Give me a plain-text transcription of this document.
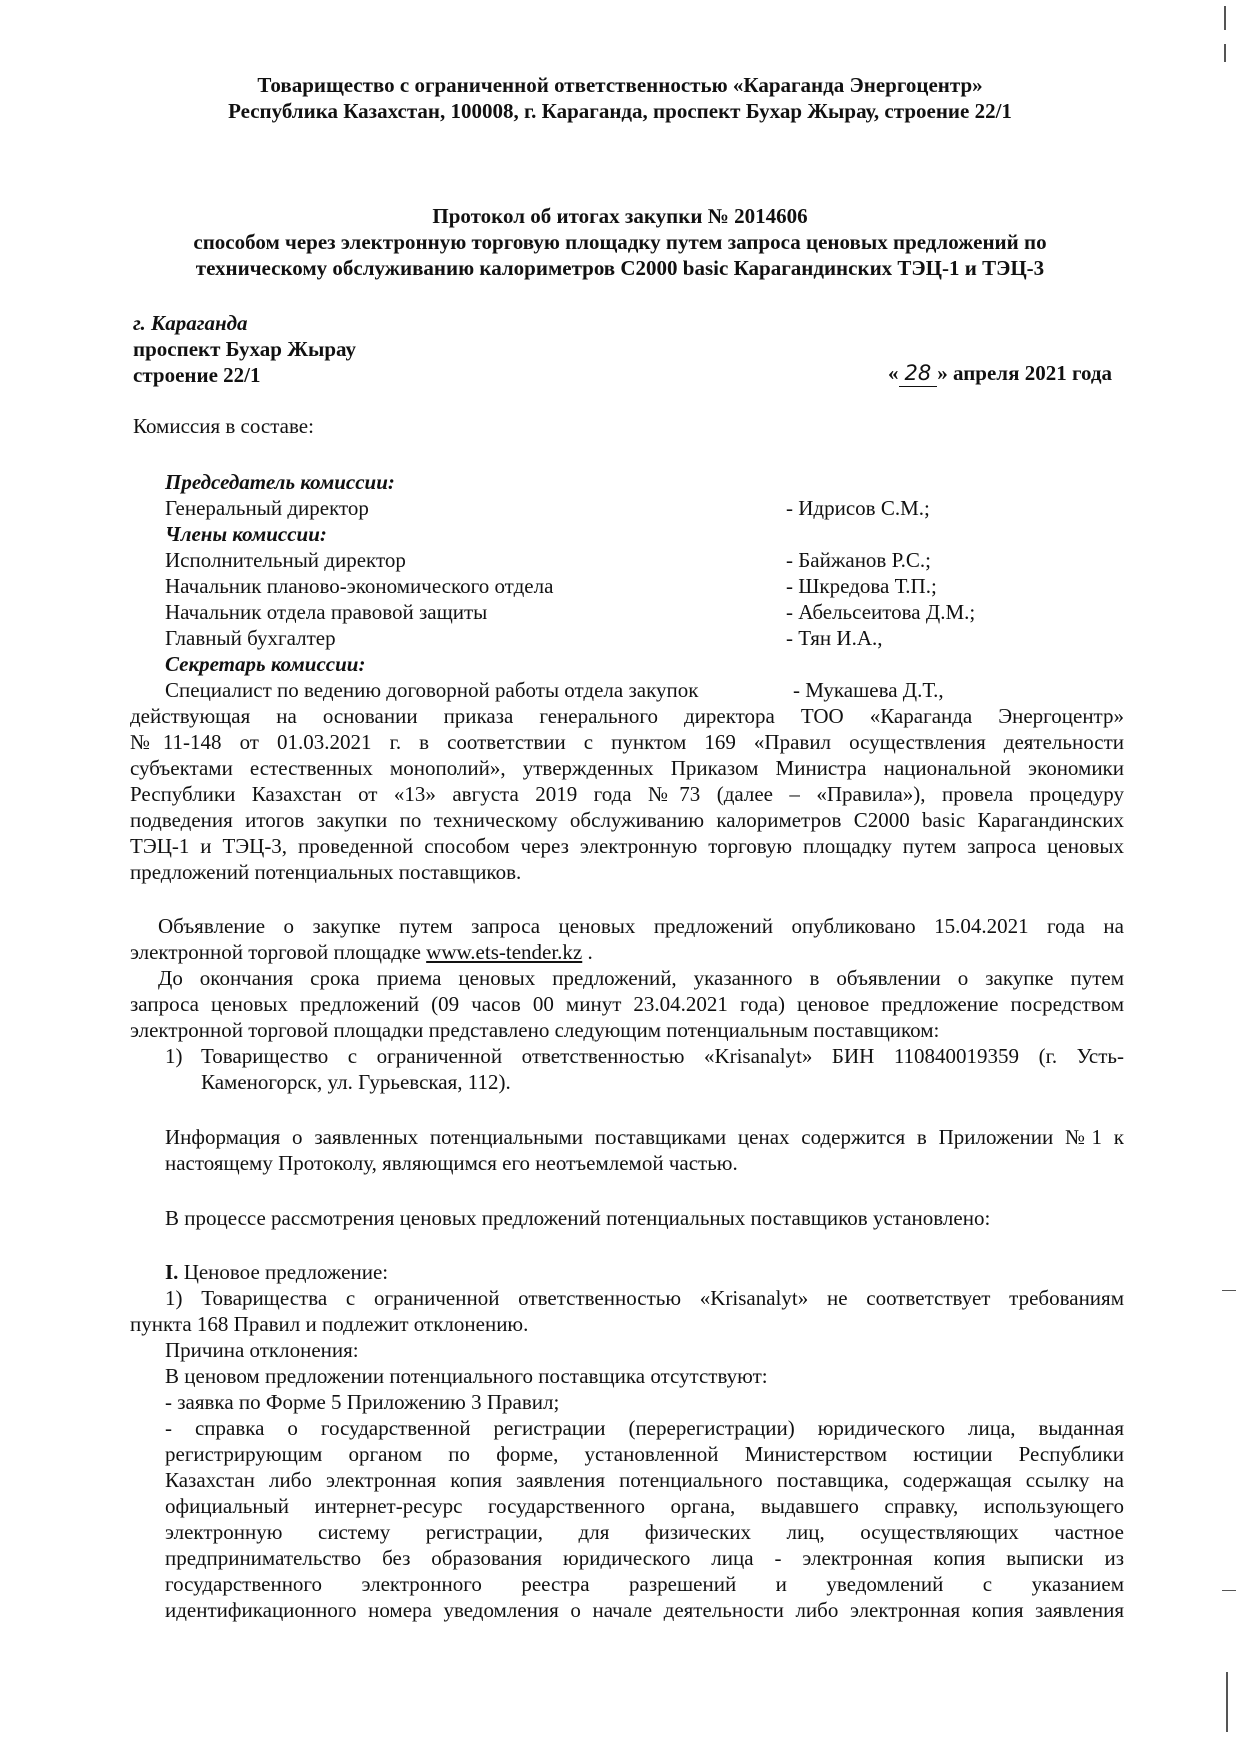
Товарищество с ограниченной ответственностью «Караганда Энергоцентр»
Республика Казахстан, 100008, г. Караганда, проспект Бухар Жырау, строение 22/1
Протокол об итогах закупки № 2014606
способом через электронную торговую площадку путем запроса ценовых предложений по
техническому обслуживанию калориметров С2000 basic Карагандинских ТЭЦ-1 и ТЭЦ-3
г. Караганда
проспект Бухар Жырау
строение 22/1	« 28 » апреля 2021 года
Комиссия в составе:
Председатель комиссии:
Генеральный директор	- Идрисов С.М.;
Члены комиссии:
Исполнительный директор	- Байжанов Р.С.;
Начальник планово-экономического отдела	- Шкредова Т.П.;
Начальник отдела правовой защиты	- Абельсеитова Д.М.;
Главный бухгалтер	- Тян И.А.,
Секретарь комиссии:
Специалист по ведению договорной работы отдела закупок	- Мукашева Д.Т.,
действующая на основании приказа генерального директора ТОО «Караганда Энергоцентр»
№11-148 от 01.03.2021 г. в соответствии с пунктом 169 «Правил осуществления деятельности
субъектами естественных монополий», утвержденных Приказом Министра национальной экономики
Республики Казахстан от «13» августа 2019 года №73 (далее – «Правила»), провела процедуру
подведения итогов закупки по техническому обслуживанию калориметров С2000 basic Карагандинских
ТЭЦ-1 и ТЭЦ-3, проведенной способом через электронную торговую площадку путем запроса ценовых
предложений потенциальных поставщиков.
Объявление о закупке путем запроса ценовых предложений опубликовано 15.04.2021 года на
электронной торговой площадке www.ets-tender.kz .
До окончания срока приема ценовых предложений, указанного в объявлении о закупке путем
запроса ценовых предложений (09 часов 00 минут 23.04.2021 года) ценовое предложение посредством
электронной торговой площадки представлено следующим потенциальным поставщиком:
1) Товарищество с ограниченной ответственностью «Krisanalyt» БИН 110840019359 (г. Усть-
Каменогорск, ул. Гурьевская, 112).
Информация о заявленных потенциальными поставщиками ценах содержится в Приложении №1 к
настоящему Протоколу, являющимся его неотъемлемой частью.
В процессе рассмотрения ценовых предложений потенциальных поставщиков установлено:
I. Ценовое предложение:
1) Товарищества с ограниченной ответственностью «Krisanalyt» не соответствует требованиям
пункта 168 Правил и подлежит отклонению.
Причина отклонения:
В ценовом предложении потенциального поставщика отсутствуют:
- заявка по Форме 5 Приложению 3 Правил;
- справка о государственной регистрации (перерегистрации) юридического лица, выданная
регистрирующим органом по форме, установленной Министерством юстиции Республики
Казахстан либо электронная копия заявления потенциального поставщика, содержащая ссылку на
официальный интернет-ресурс государственного органа, выдавшего справку, использующего
электронную систему регистрации, для физических лиц, осуществляющих частное
предпринимательство без образования юридического лица - электронная копия выписки из
государственного электронного реестра разрешений и уведомлений с указанием
идентификационного номера уведомления о начале деятельности либо электронная копия заявления
